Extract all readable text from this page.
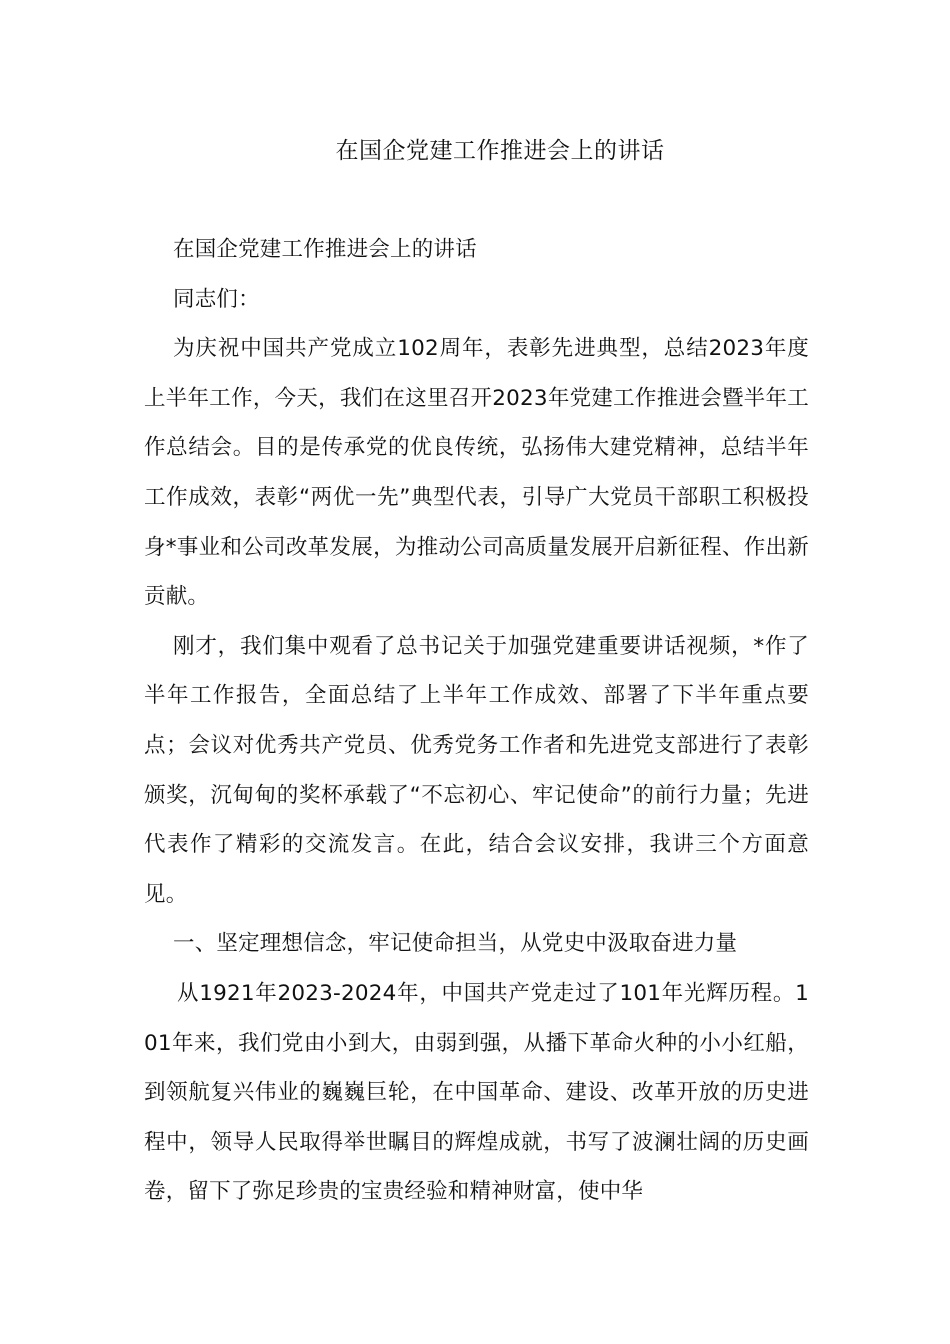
在国企党建工作推进会上的讲话

在国企党建工作推进会上的讲话

同志们：

为庆祝中国共产党成立102周年，表彰先进典型，总结2023年度上半年工作，今天，我们在这里召开2023年党建工作推进会暨半年工作总结会。目的是传承党的优良传统，弘扬伟大建党精神，总结半年工作成效，表彰“两优一先”典型代表，引导广大党员干部职工积极投身*事业和公司改革发展，为推动公司高质量发展开启新征程、作出新贡献。

刚才，我们集中观看了总书记关于加强党建重要讲话视频，*作了半年工作报告，全面总结了上半年工作成效、部署了下半年重点要点；会议对优秀共产党员、优秀党务工作者和先进党支部进行了表彰颁奖，沉甸甸的奖杯承载了“不忘初心、牢记使命”的前行力量；先进代表作了精彩的交流发言。在此，结合会议安排，我讲三个方面意见。

一、坚定理想信念，牢记使命担当，从党史中汲取奋进力量

从1921年2023-2024年，中国共产党走过了101年光辉历程。101年来，我们党由小到大，由弱到强，从播下革命火种的小小红船，到领航复兴伟业的巍巍巨轮，在中国革命、建设、改革开放的历史进程中，领导人民取得举世瞩目的辉煌成就，书写了波澜壮阔的历史画卷，留下了弥足珍贵的宝贵经验和精神财富，使中华
